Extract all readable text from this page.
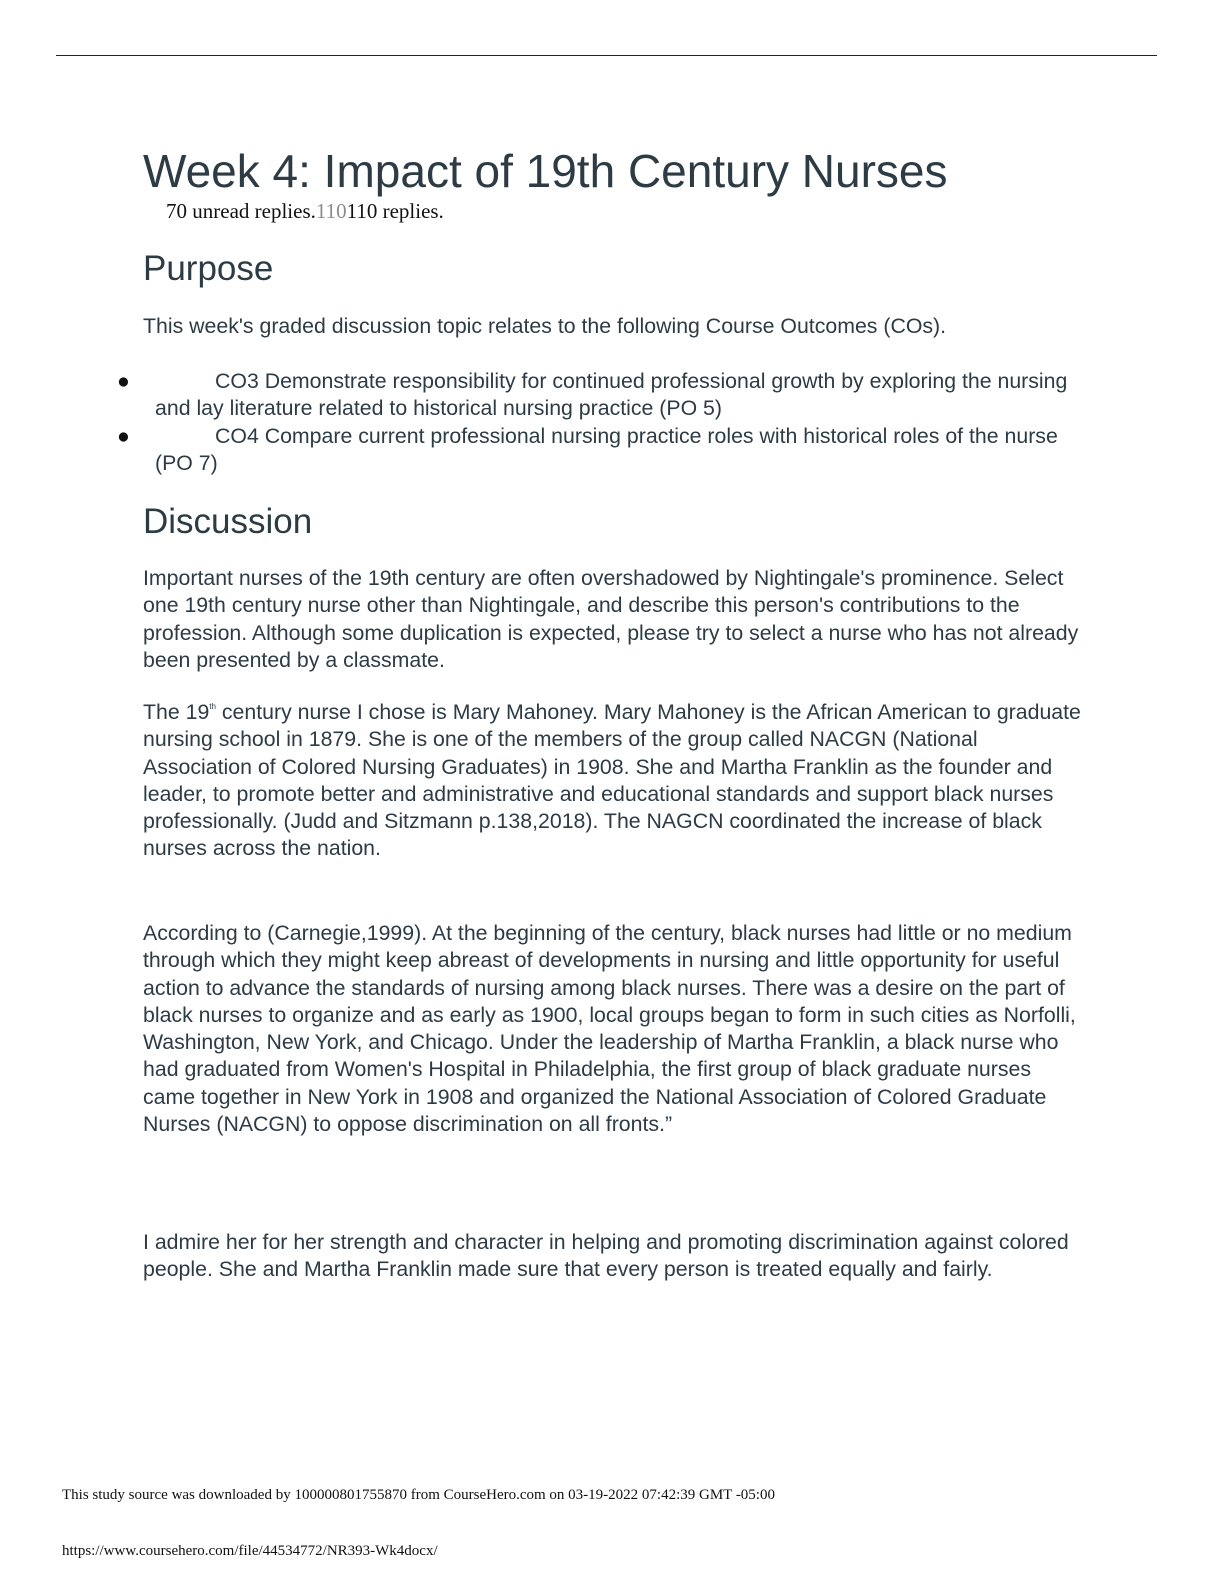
Week 4: Impact of 19th Century Nurses
70 unread replies.110110 replies.
Purpose

This week's graded discussion topic relates to the following Course Outcomes (COs).

●	CO3 Demonstrate responsibility for continued professional growth by exploring the nursing and lay literature related to historical nursing practice (PO 5)
●	CO4 Compare current professional nursing practice roles with historical roles of the nurse (PO 7)
Discussion

Important nurses of the 19th century are often overshadowed by Nightingale's prominence. Select one 19th century nurse other than Nightingale, and describe this person's contributions to the profession. Although some duplication is expected, please try to select a nurse who has not already been presented by a classmate.

The 19th century nurse I chose is Mary Mahoney. Mary Mahoney is the African American to graduate nursing school in 1879. She is one of the members of the group called NACGN (National Association of Colored Nursing Graduates) in 1908. She and Martha Franklin as the founder and leader, to promote better and administrative and educational standards and support black nurses professionally. (Judd and Sitzmann p.138,2018). The NAGCN coordinated the increase of black nurses across the nation.

According to (Carnegie,1999). At the beginning of the century, black nurses had little or no medium through which they might keep abreast of developments in nursing and little opportunity for useful action to advance the standards of nursing among black nurses. There was a desire on the part of black nurses to organize and as early as 1900, local groups began to form in such cities as Norfolli, Washington, New York, and Chicago. Under the leadership of Martha Franklin, a black nurse who had graduated from Women's Hospital in Philadelphia, the first group of black graduate nurses came together in New York in 1908 and organized the National Association of Colored Graduate Nurses (NACGN) to oppose discrimination on all fronts.”

I admire her for her strength and character in helping and promoting discrimination against colored people. She and Martha Franklin made sure that every person is treated equally and fairly.

This study source was downloaded by 100000801755870 from CourseHero.com on 03-19-2022 07:42:39 GMT -05:00
https://www.coursehero.com/file/44534772/NR393-Wk4docx/
